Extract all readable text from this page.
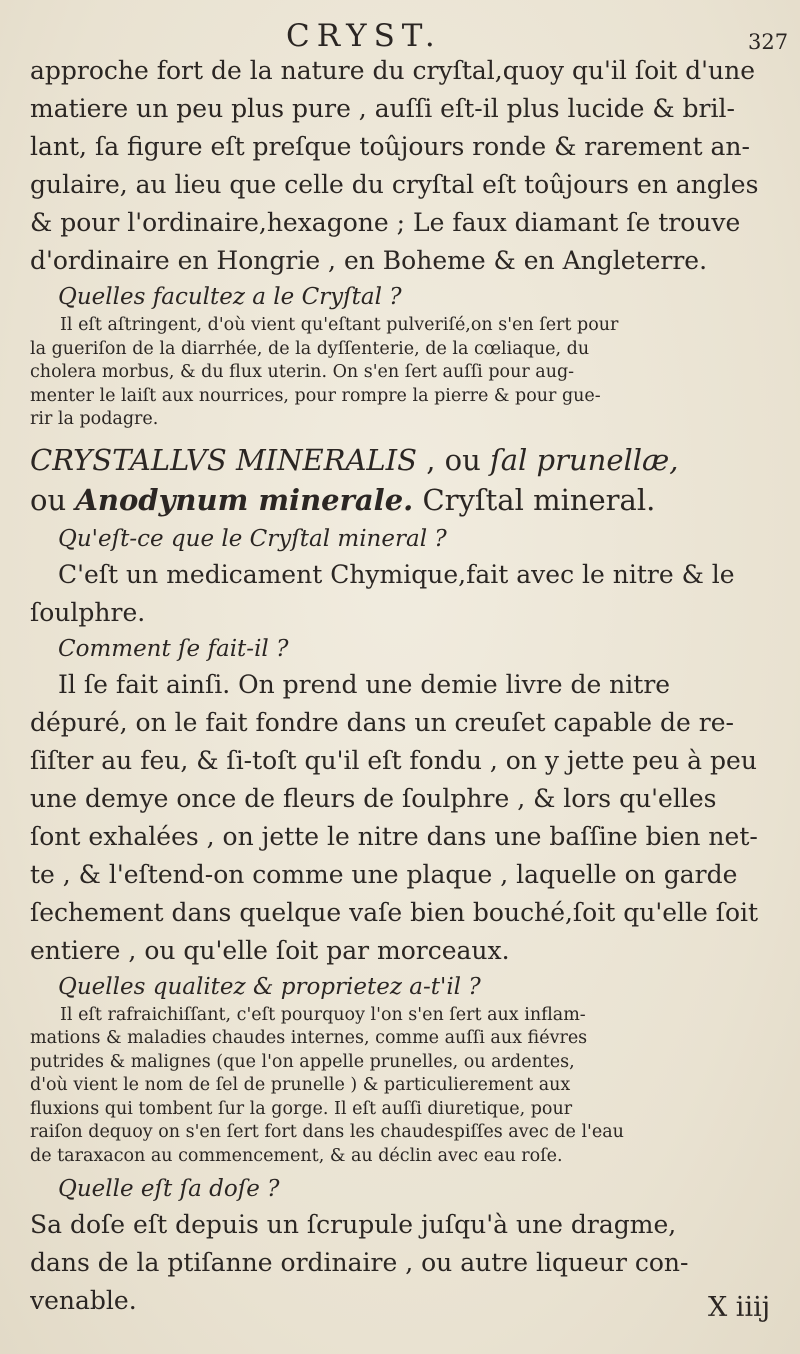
CRYST.	327
approche fort de la nature du cryſtal,quoy qu'il ſoit d'une
matiere un peu plus pure , auſſi eſt-il plus lucide & bril-
lant, ſa figure eſt preſque toûjours ronde & rarement an-
gulaire, au lieu que celle du cryſtal eſt toûjours en angles
& pour l'ordinaire,hexagone ; Le faux diamant ſe trouve
d'ordinaire en Hongrie , en Boheme & en Angleterre.
Quelles facultez a le Cryſtal ?
Il eſt aſtringent, d'où vient qu'eſtant pulveriſé,on s'en ſert pour
la gueriſon de la diarrhée, de la dyſſenterie, de la cœliaque, du
cholera morbus, & du flux uterin. On s'en ſert auſſi pour aug-
menter le laiſt aux nourrices, pour rompre la pierre & pour gue-
rir la podagre.
CRYSTALLVS MINERALIS , ou ſal prunellæ,
ou Anodynum minerale. Cryſtal mineral.
Qu'eſt-ce que le Cryſtal mineral ?
C'eſt un medicament Chymique,fait avec le nitre & le
ſoulphre.
Comment ſe fait-il ?
Il ſe fait ainſi. On prend une demie livre de nitre
dépuré, on le fait fondre dans un creuſet capable de re-
ſiſter au feu, & ſi-toſt qu'il eſt fondu , on y jette peu à peu
une demye once de fleurs de ſoulphre , & lors qu'elles
ſont exhalées , on jette le nitre dans une baſſine bien net-
te , & l'eſtend-on comme une plaque , laquelle on garde
ſechement dans quelque vaſe bien bouché,ſoit qu'elle ſoit
entiere , ou qu'elle ſoit par morceaux.
Quelles qualitez & proprietez a-t'il ?
Il eſt rafraichiſſant, c'eſt pourquoy l'on s'en ſert aux inflam-
mations & maladies chaudes internes, comme auſſi aux fiévres
putrides & malignes (que l'on appelle prunelles, ou ardentes,
d'où vient le nom de ſel de prunelle ) & particulierement aux
fluxions qui tombent ſur la gorge. Il eſt auſſi diuretique, pour
raiſon dequoy on s'en ſert fort dans les chaudespiſſes avec de l'eau
de taraxacon au commencement, & au déclin avec eau roſe.
Quelle eſt ſa doſe ?
Sa doſe eſt depuis un ſcrupule juſqu'à une dragme,
dans de la ptiſanne ordinaire , ou autre liqueur con-
venable.	X iiij
